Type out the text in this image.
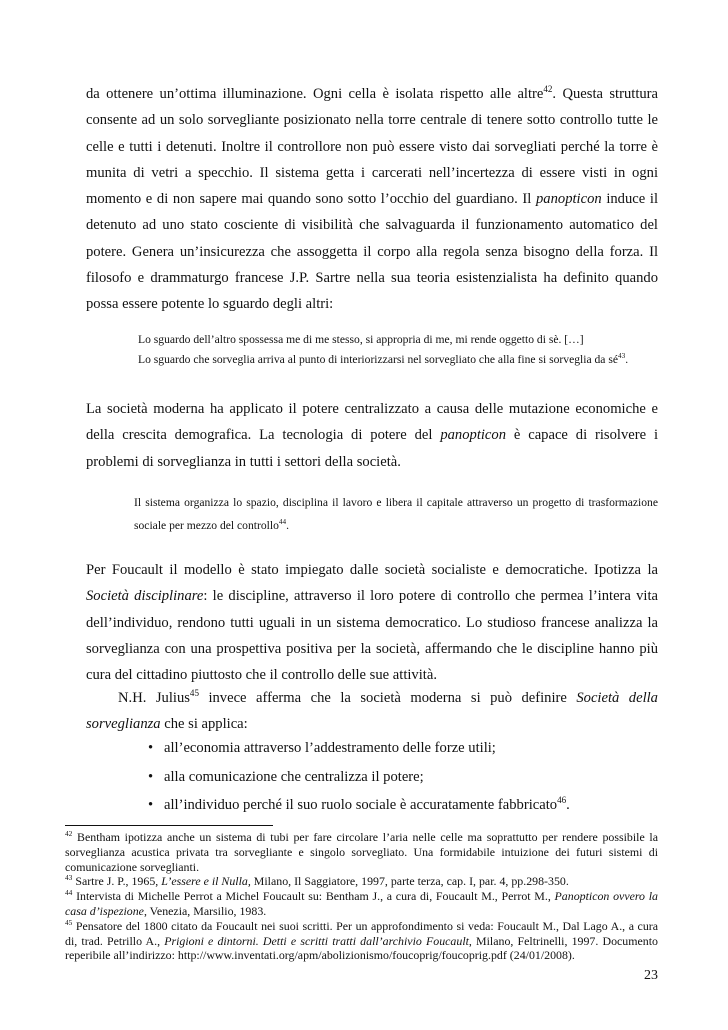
da ottenere un’ottima illuminazione. Ogni cella è isolata rispetto alle altre$^{42}$. Questa struttura consente ad un solo sorvegliante posizionato nella torre centrale di tenere sotto controllo tutte le celle e tutti i detenuti. Inoltre il controllore non può essere visto dai sorvegliati perché la torre è munita di vetri a specchio. Il sistema getta i carcerati nell’incertezza di essere visti in ogni momento e di non sapere mai quando sono sotto l’occhio del guardiano. Il panopticon induce il detenuto ad uno stato cosciente di visibilità che salvaguarda il funzionamento automatico del potere. Genera un’insicurezza che assoggetta il corpo alla regola senza bisogno della forza. Il filosofo e drammaturgo francese J.P. Sartre nella sua teoria esistenzialista ha definito quando possa essere potente lo sguardo degli altri:
Lo sguardo dell’altro spossessa me di me stesso, si appropria di me, mi rende oggetto di sè. […]
Lo sguardo che sorveglia arriva al punto di interiorizzarsi nel sorvegliato che alla fine si sorveglia da $sé^{43}$.
La società moderna ha applicato il potere centralizzato a causa delle mutazione economiche e della crescita demografica. La tecnologia di potere del panopticon è capace di risolvere i problemi di sorveglianza in tutti i settori della società.
Il sistema organizza lo spazio, disciplina il lavoro e libera il capitale attraverso un progetto di trasformazione sociale per mezzo del controllo$^{44}$.
Per Foucault il modello è stato impiegato dalle società socialiste e democratiche. Ipotizza la Società disciplinare: le discipline, attraverso il loro potere di controllo che permea l’intera vita dell’individuo, rendono tutti uguali in un sistema democratico. Lo studioso francese analizza la sorveglianza con una prospettiva positiva per la società, affermando che le discipline hanno più cura del cittadino piuttosto che il controllo delle sue attività.
N.H. Julius$^{45}$ invece afferma che la società moderna si può definire Società della sorveglianza che si applica:
• all’economia attraverso l’addestramento delle forze utili;
• alla comunicazione che centralizza il potere;
• all’individuo perché il suo ruolo sociale è accuratamente fabbricato$^{46}$.

$^{42}$ Bentham ipotizza anche un sistema di tubi per fare circolare l’aria nelle celle ma soprattutto per rendere possibile la sorveglianza acustica privata tra sorvegliante e singolo sorvegliato. Una formidabile intuizione dei futuri sistemi di comunicazione sorveglianti.

$^{43}$ Sartre J. P., 1965, L’essere e il Nulla, Milano, Il Saggiatore, 1997, parte terza, cap. I, par. 4, pp.298-350.

$^{44}$ Intervista di Michelle Perrot a Michel Foucault su: Bentham J., a cura di, Foucault M., Perrot M., Panopticon ovvero la casa d’ispezione, Venezia, Marsilio, 1983.

$^{45}$ Pensatore del 1800 citato da Foucault nei suoi scritti. Per un approfondimento si veda: Foucault M., Dal Lago A., a cura di, trad. Petrillo A., Prigioni e dintorni. Detti e scritti tratti dall’archivio Foucault, Milano, Feltrinelli, 1997. Documento reperibile all’indirizzo: http://www.inventati.org/apm/abolizionismo/foucoprig/foucoprig.pdf (24/01/2008).

23
